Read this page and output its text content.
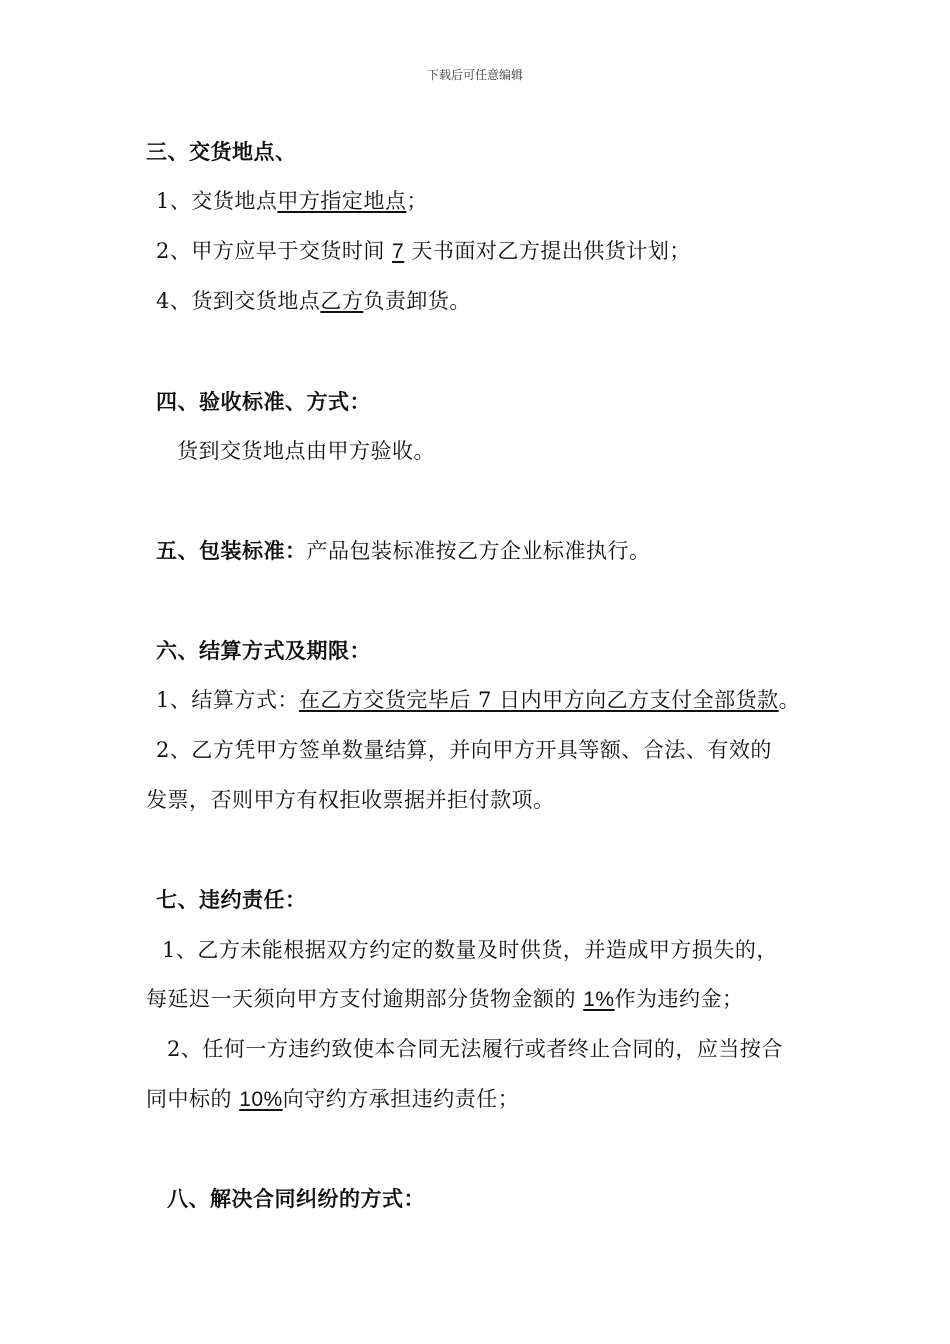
下载后可任意编辑
三、交货地点、
1、交货地点甲方指定地点；
2、甲方应早于交货时间 7 天书面对乙方提出供货计划；
4、货到交货地点乙方负责卸货。
四、验收标准、方式：
货到交货地点由甲方验收。
五、包装标准：产品包装标准按乙方企业标准执行。
六、结算方式及期限：
1、结算方式：在乙方交货完毕后 7 日内甲方向乙方支付全部货款。
2、乙方凭甲方签单数量结算，并向甲方开具等额、合法、有效的
发票，否则甲方有权拒收票据并拒付款项。
七、违约责任：
1、乙方未能根据双方约定的数量及时供货，并造成甲方损失的，
每延迟一天须向甲方支付逾期部分货物金额的 1%作为违约金；
2、任何一方违约致使本合同无法履行或者终止合同的，应当按合
同中标的 10%向守约方承担违约责任；
八、解决合同纠纷的方式：
